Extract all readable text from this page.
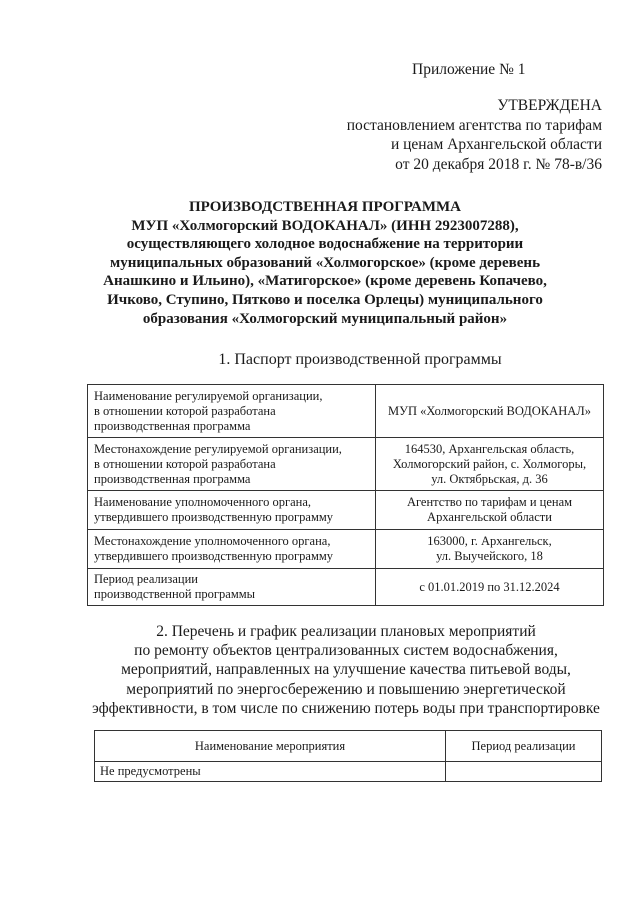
Приложение № 1
УТВЕРЖДЕНА
постановлением агентства по тарифам
и ценам Архангельской области
от 20 декабря 2018 г. № 78-в/36
ПРОИЗВОДСТВЕННАЯ ПРОГРАММА
МУП «Холмогорский ВОДОКАНАЛ» (ИНН 2923007288),
осуществляющего холодное водоснабжение на территории
муниципальных образований «Холмогорское» (кроме деревень
Анашкино и Ильино), «Матигорское» (кроме деревень Копачево,
Ичково, Ступино, Пятково и поселка Орлецы) муниципального
образования «Холмогорский муниципальный район»
1. Паспорт производственной программы
Наименование регулируемой организации,
в отношении которой разработана
производственная программа	МУП «Холмогорский ВОДОКАНАЛ»

Местонахождение регулируемой организации,
в отношении которой разработана
производственная программа	164530, Архангельская область,
Холмогорский район, с. Холмогоры,
ул. Октябрьская, д. 36

Наименование уполномоченного органа,
утвердившего производственную программу	Агентство по тарифам и ценам
Архангельской области

Местонахождение уполномоченного органа,
утвердившего производственную программу	163000, г. Архангельск,
ул. Выучейского, 18

Период реализации
производственной программы	с 01.01.2019 по 31.12.2024
2. Перечень и график реализации плановых мероприятий
по ремонту объектов централизованных систем водоснабжения,
мероприятий, направленных на улучшение качества питьевой воды,
мероприятий по энергосбережению и повышению энергетической
эффективности, в том числе по снижению потерь воды при транспортировке
Наименование мероприятия	Период реализации
Не предусмотрены	
